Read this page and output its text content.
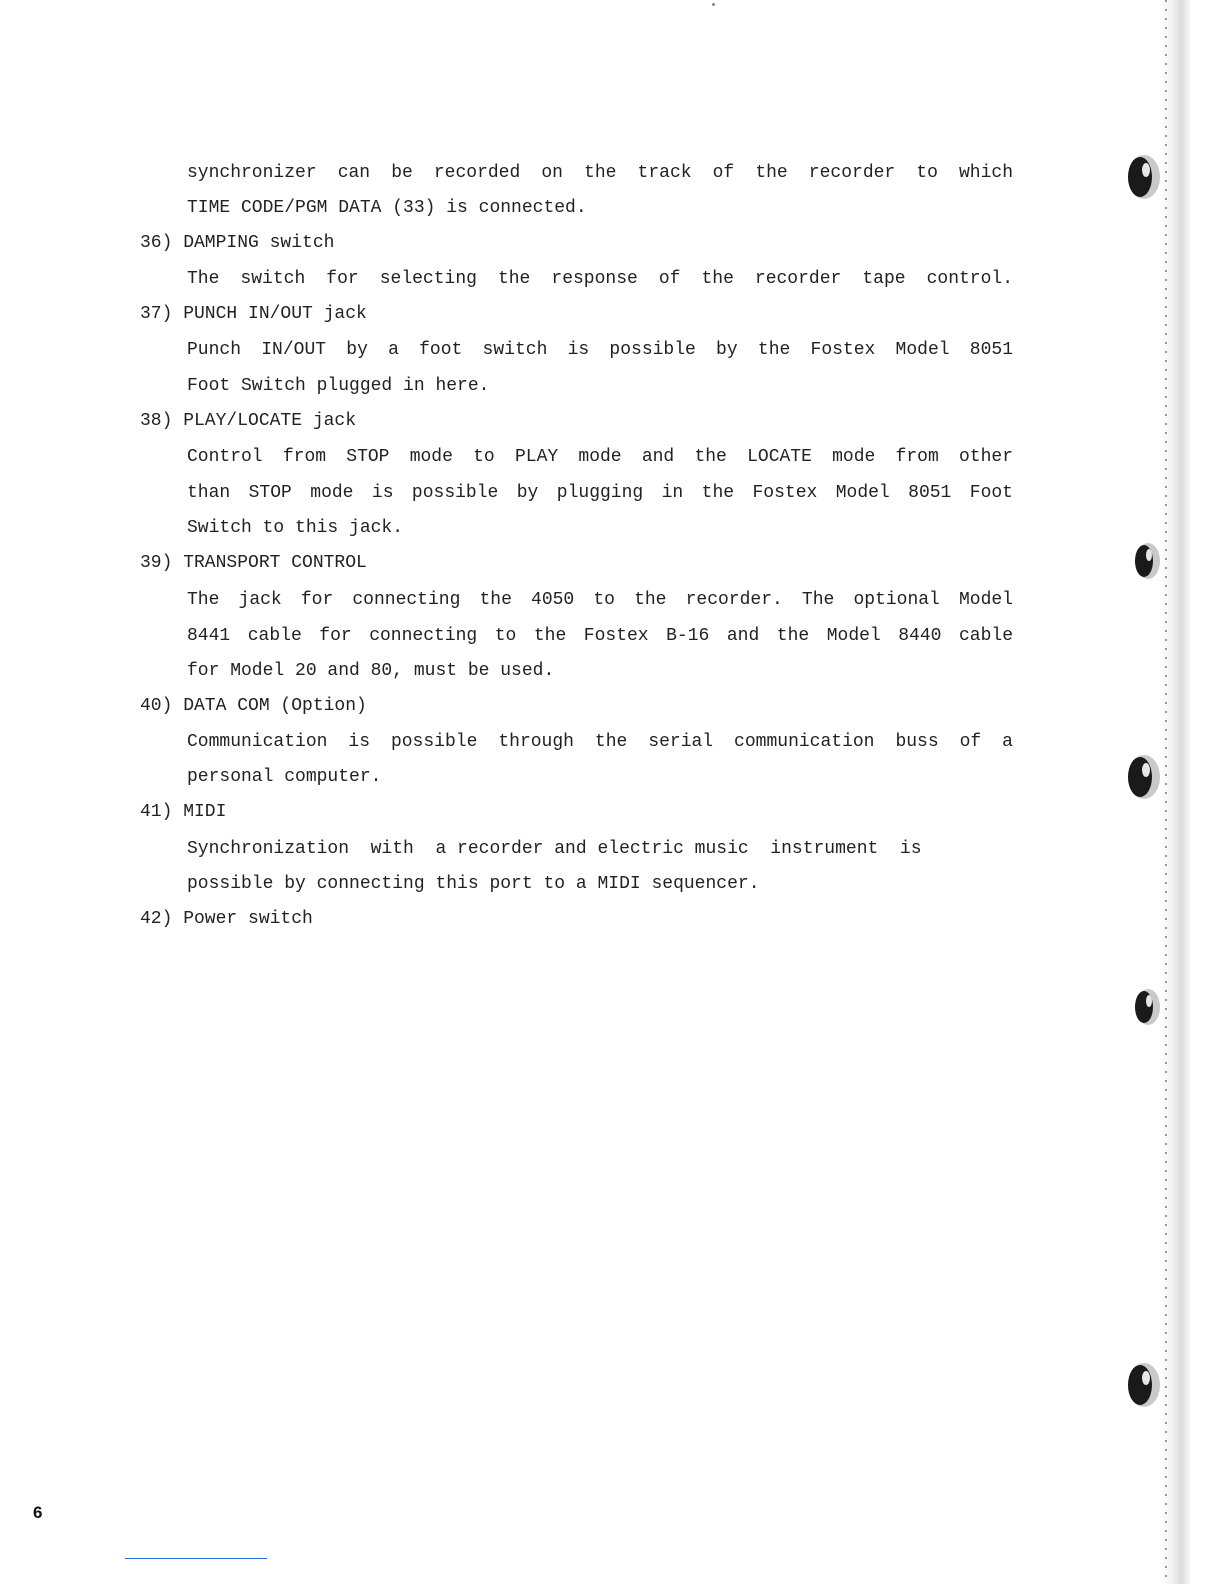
synchronizer can be recorded on the track of the recorder to which
TIME CODE/PGM DATA (33) is connected.
36) DAMPING switch
The switch for selecting the response of the recorder tape control.
37) PUNCH IN/OUT jack
Punch IN/OUT by a foot switch is possible by the Fostex Model 8051
Foot Switch plugged in here.
38) PLAY/LOCATE jack
Control from STOP mode to PLAY mode and the LOCATE mode from other
than STOP mode is possible by plugging in the Fostex Model 8051 Foot
Switch to this jack.
39) TRANSPORT CONTROL
The jack for connecting the 4050 to the recorder. The optional Model
8441 cable for connecting to the Fostex B-16 and the Model 8440 cable
for Model 20 and 80, must be used.
40) DATA COM (Option)
Communication is possible through the serial communication buss of a
personal computer.
41) MIDI
Synchronization  with  a recorder and electric music  instrument  is
possible by connecting this port to a MIDI sequencer.
42) Power switch
6
